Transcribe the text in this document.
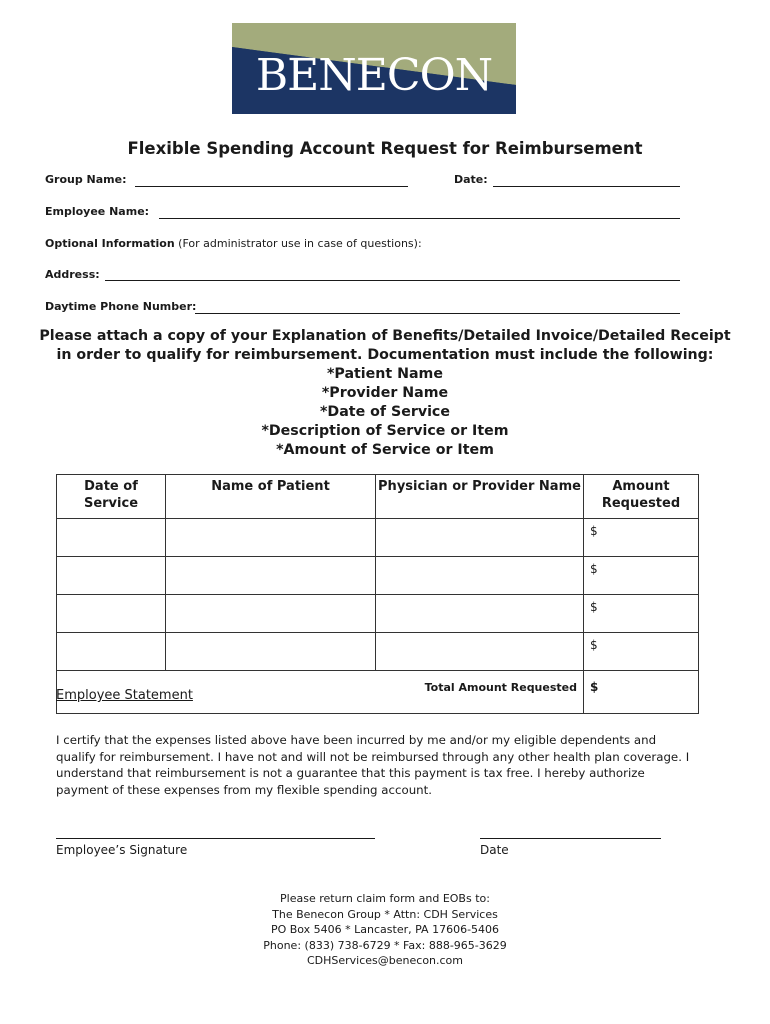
BENECON
Flexible Spending Account Request for Reimbursement
Group Name:	Date:
Employee Name:
Optional Information (For administrator use in case of questions):
Address:
Daytime Phone Number:
Please attach a copy of your Explanation of Benefits/Detailed Invoice/Detailed Receipt
in order to qualify for reimbursement. Documentation must include the following:
*Patient Name
*Provider Name
*Date of Service
*Description of Service or Item
*Amount of Service or Item
Date of Service	Name of Patient	Physician or Provider Name	Amount Requested

			$
			$
			$
			$
Total Amount Requested			$
Employee Statement
I certify that the expenses listed above have been incurred by me and/or my eligible dependents and qualify for reimbursement. I have not and will not be reimbursed through any other health plan coverage. I understand that reimbursement is not a guarantee that this payment is tax free. I hereby authorize payment of these expenses from my flexible spending account.
Employee’s Signature	Date
Please return claim form and EOBs to:
The Benecon Group * Attn: CDH Services
PO Box 5406 * Lancaster, PA 17606-5406
Phone: (833) 738-6729 * Fax: 888-965-3629
CDHServices@benecon.com
